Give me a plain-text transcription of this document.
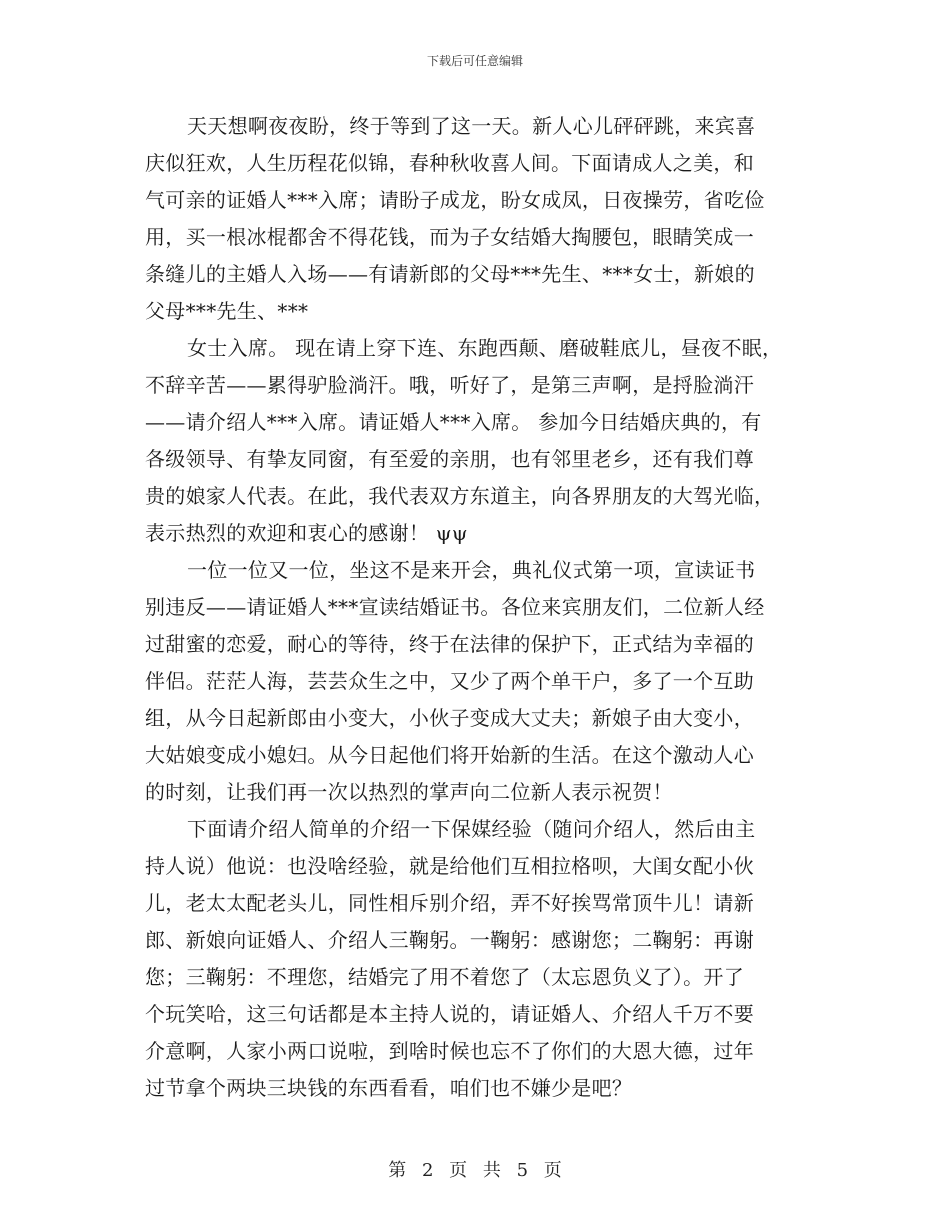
下载后可任意编辑
天天想啊夜夜盼，终于等到了这一天。新人心儿砰砰跳，来宾喜
庆似狂欢，人生历程花似锦，春种秋收喜人间。下面请成人之美，和
气可亲的证婚人***入席；请盼子成龙，盼女成凤，日夜操劳，省吃俭
用，买一根冰棍都舍不得花钱，而为子女结婚大掏腰包，眼睛笑成一
条缝儿的主婚人入场——有请新郎的父母***先生、***女士，新娘的
父母***先生、***
女士入席。 现在请上穿下连、东跑西颠、磨破鞋底儿，昼夜不眠，
不辞辛苦——累得驴脸淌汗。哦，听好了，是第三声啊，是捋脸淌汗
——请介绍人***入席。请证婚人***入席。 参加今日结婚庆典的，有
各级领导、有挚友同窗，有至爱的亲朋，也有邻里老乡，还有我们尊
贵的娘家人代表。在此，我代表双方东道主，向各界朋友的大驾光临，
表示热烈的欢迎和衷心的感谢！ ψψ
一位一位又一位，坐这不是来开会，典礼仪式第一项，宣读证书
别违反——请证婚人***宣读结婚证书。各位来宾朋友们，二位新人经
过甜蜜的恋爱，耐心的等待，终于在法律的保护下，正式结为幸福的
伴侣。茫茫人海，芸芸众生之中，又少了两个单干户，多了一个互助
组，从今日起新郎由小变大，小伙子变成大丈夫；新娘子由大变小，
大姑娘变成小媳妇。从今日起他们将开始新的生活。在这个激动人心
的时刻，让我们再一次以热烈的掌声向二位新人表示祝贺！
下面请介绍人简单的介绍一下保媒经验（随问介绍人，然后由主
持人说）他说：也没啥经验，就是给他们互相拉格呗，大闺女配小伙
儿，老太太配老头儿，同性相斥别介绍，弄不好挨骂常顶牛儿！请新
郎、新娘向证婚人、介绍人三鞠躬。一鞠躬：感谢您；二鞠躬：再谢
您；三鞠躬：不理您，结婚完了用不着您了（太忘恩负义了）。开了
个玩笑哈，这三句话都是本主持人说的，请证婚人、介绍人千万不要
介意啊，人家小两口说啦，到啥时候也忘不了你们的大恩大德，过年
过节拿个两块三块钱的东西看看，咱们也不嫌少是吧？
第 2 页 共 5 页
